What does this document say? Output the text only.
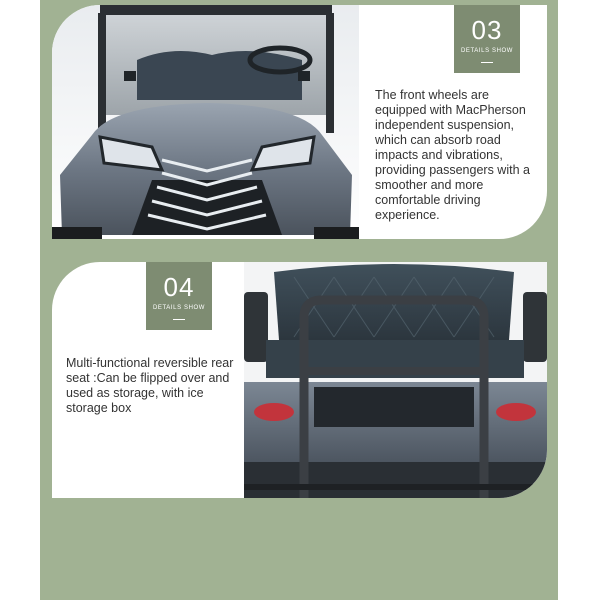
03
DETAILS SHOW

The front wheels are equipped with MacPherson independent suspension, which can absorb road impacts and vibrations, providing passengers with a smoother and more comfortable driving experience.

04
DETAILS SHOW

Multi-functional reversible rear seat :Can be flipped over and used as storage, with ice storage box
